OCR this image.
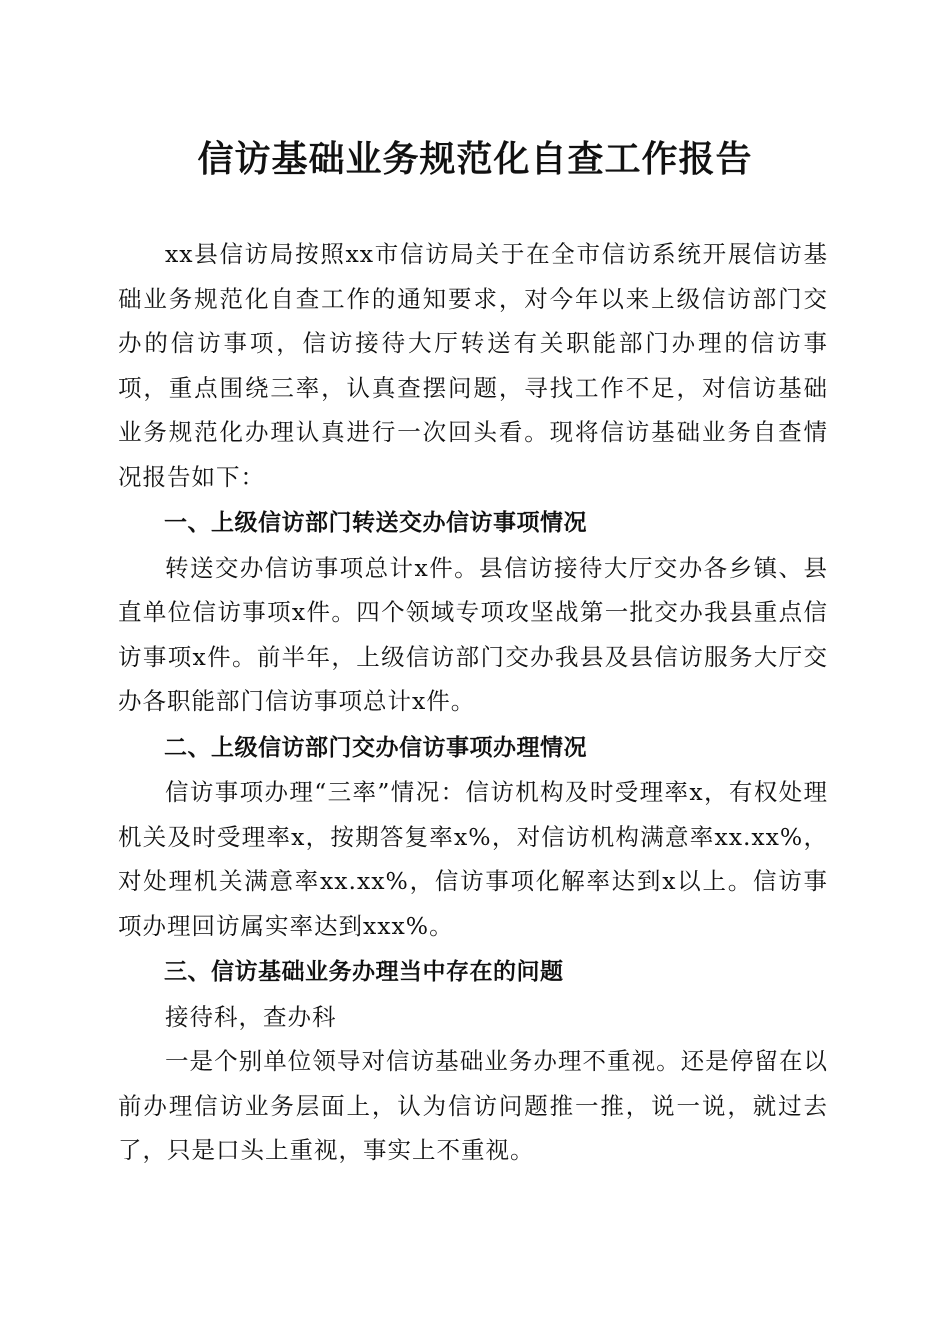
信访基础业务规范化自查工作报告

xx县信访局按照xx市信访局关于在全市信访系统开展信访基础业务规范化自查工作的通知要求，对今年以来上级信访部门交办的信访事项，信访接待大厅转送有关职能部门办理的信访事项，重点围绕三率，认真查摆问题，寻找工作不足，对信访基础业务规范化办理认真进行一次回头看。现将信访基础业务自查情况报告如下：

一、上级信访部门转送交办信访事项情况

转送交办信访事项总计x件。县信访接待大厅交办各乡镇、县直单位信访事项x件。四个领域专项攻坚战第一批交办我县重点信访事项x件。前半年，上级信访部门交办我县及县信访服务大厅交办各职能部门信访事项总计x件。

二、上级信访部门交办信访事项办理情况

信访事项办理“三率”情况：信访机构及时受理率x，有权处理机关及时受理率x，按期答复率x%，对信访机构满意率xx.xx%，对处理机关满意率xx.xx%，信访事项化解率达到x以上。信访事项办理回访属实率达到xxx%。

三、信访基础业务办理当中存在的问题

接待科，查办科

一是个别单位领导对信访基础业务办理不重视。还是停留在以前办理信访业务层面上，认为信访问题推一推，说一说，就过去了，只是口头上重视，事实上不重视。
